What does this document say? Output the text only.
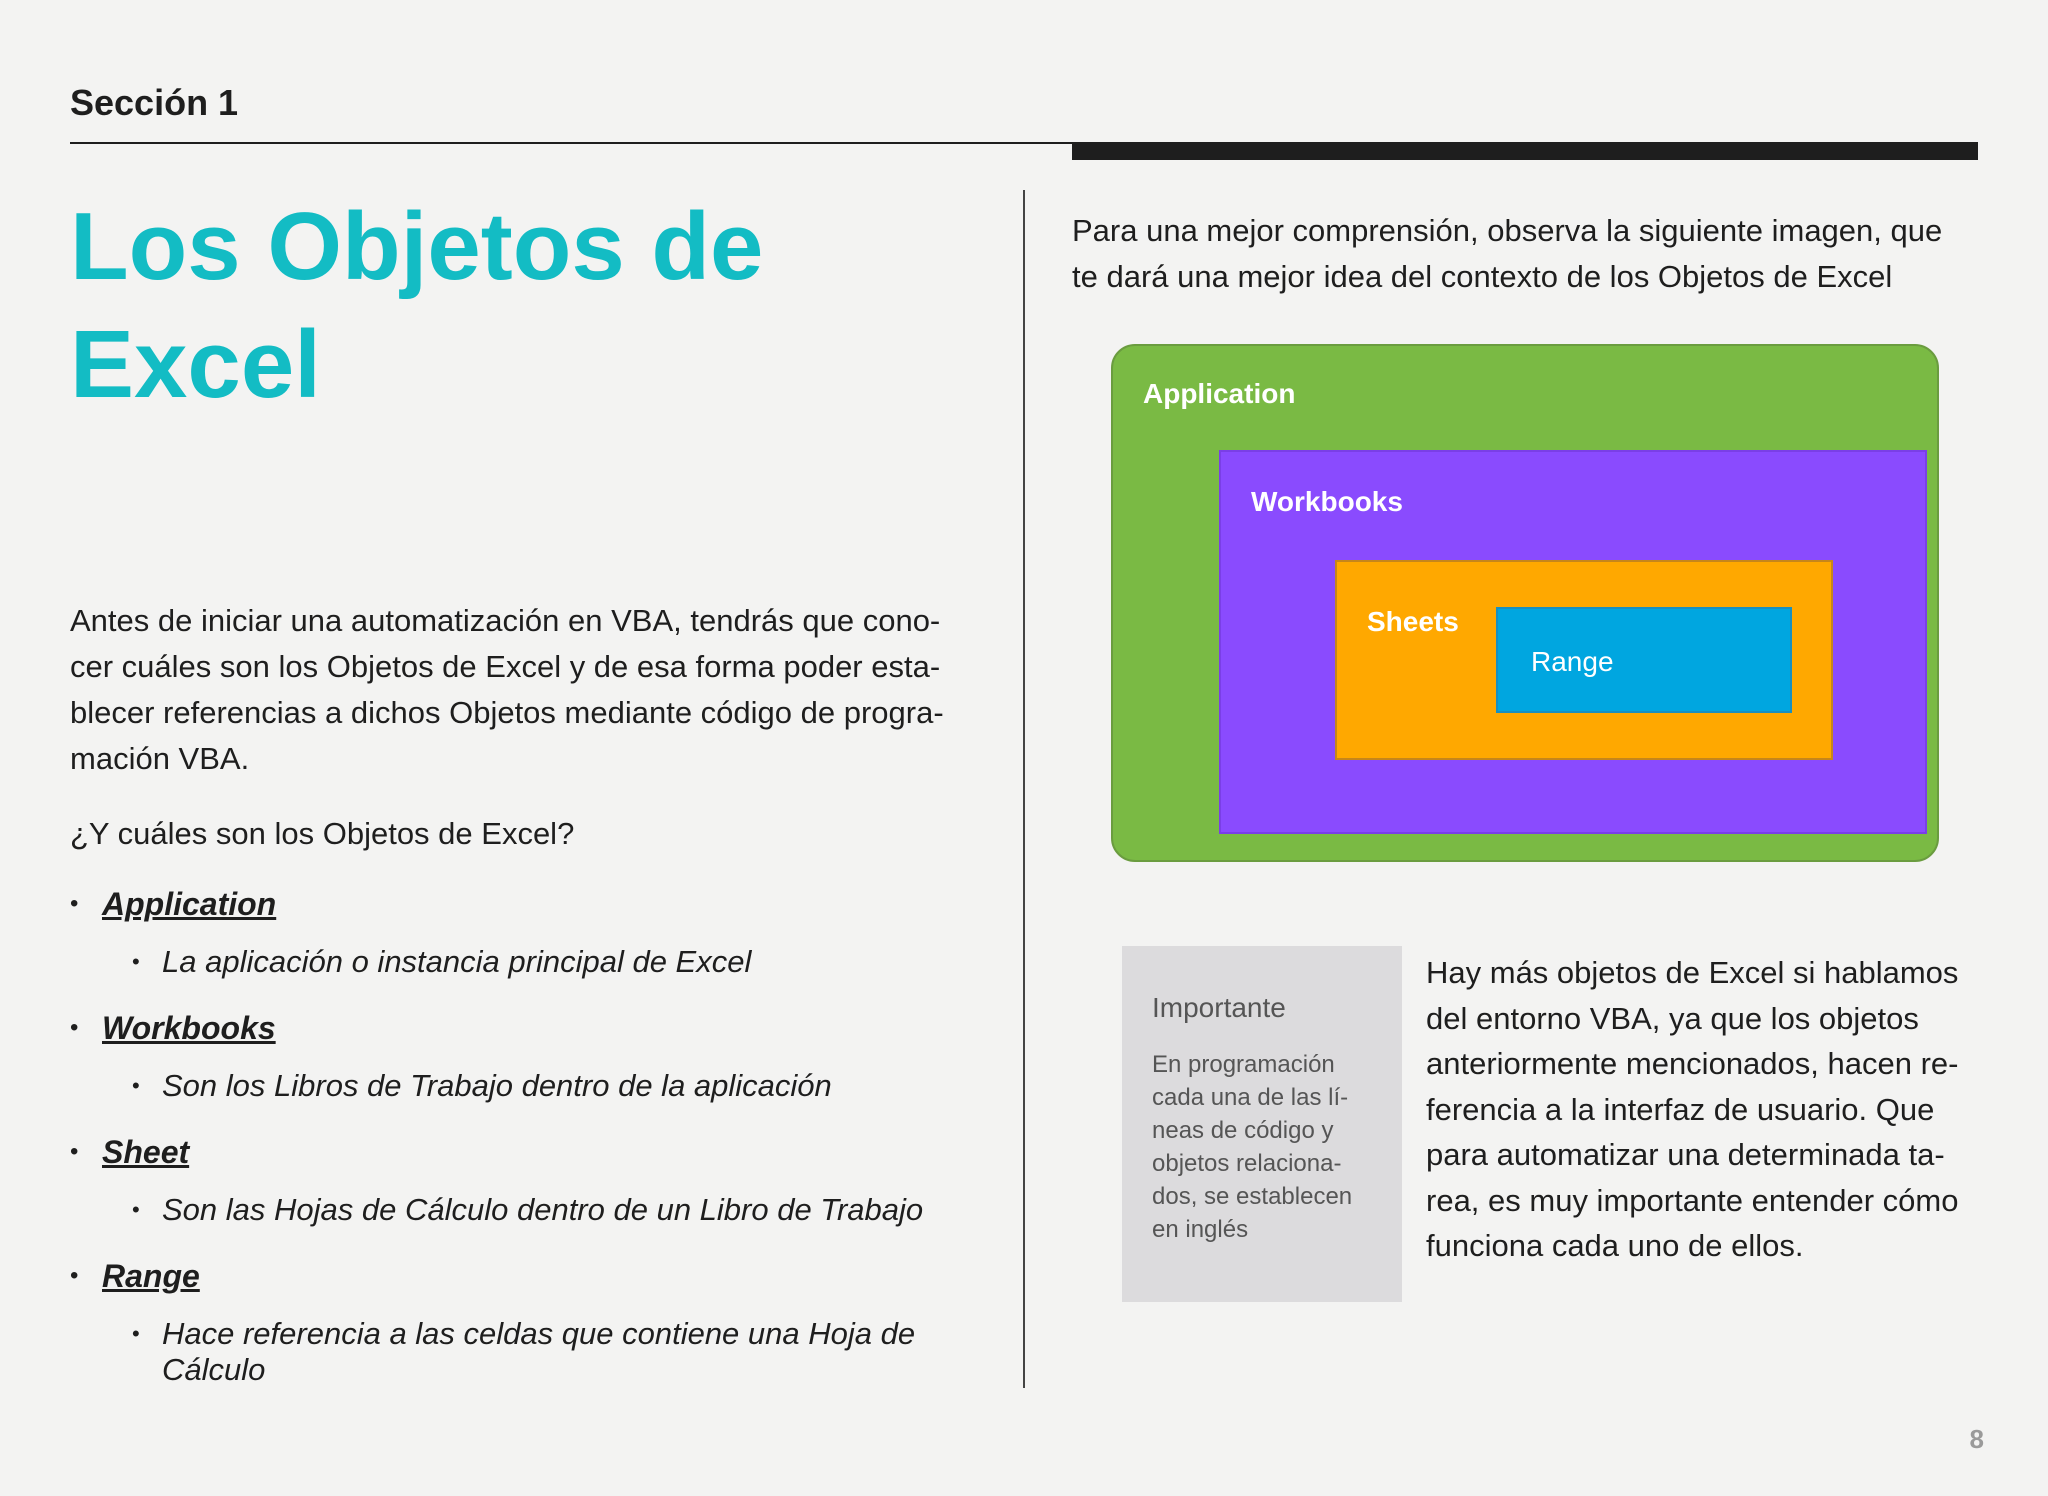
Sección 1
Los Objetos de
Excel

Antes de iniciar una automatización en VBA, tendrás que cono-
cer cuáles son los Objetos de Excel y de esa forma poder esta-
blecer referencias a dichos Objetos mediante código de progra-
mación VBA.

¿Y cuáles son los Objetos de Excel?

• Application
• La aplicación o instancia principal de Excel
• Workbooks
• Son los Libros de Trabajo dentro de la aplicación
• Sheet
• Son las Hojas de Cálculo dentro de un Libro de Trabajo
• Range
• Hace referencia a las celdas que contiene una Hoja de
Cálculo

Para una mejor comprensión, observa la siguiente imagen, que
te dará una mejor idea del contexto de los Objetos de Excel

Application
Workbooks
Sheets
Range
Importante
En programación
cada una de las lí-
neas de código y
objetos relaciona-
dos, se establecen
en inglés

Hay más objetos de Excel si hablamos
del entorno VBA, ya que los objetos
anteriormente mencionados, hacen re-
ferencia a la interfaz de usuario. Que
para automatizar una determinada ta-
rea, es muy importante entender cómo
funciona cada uno de ellos.

8
